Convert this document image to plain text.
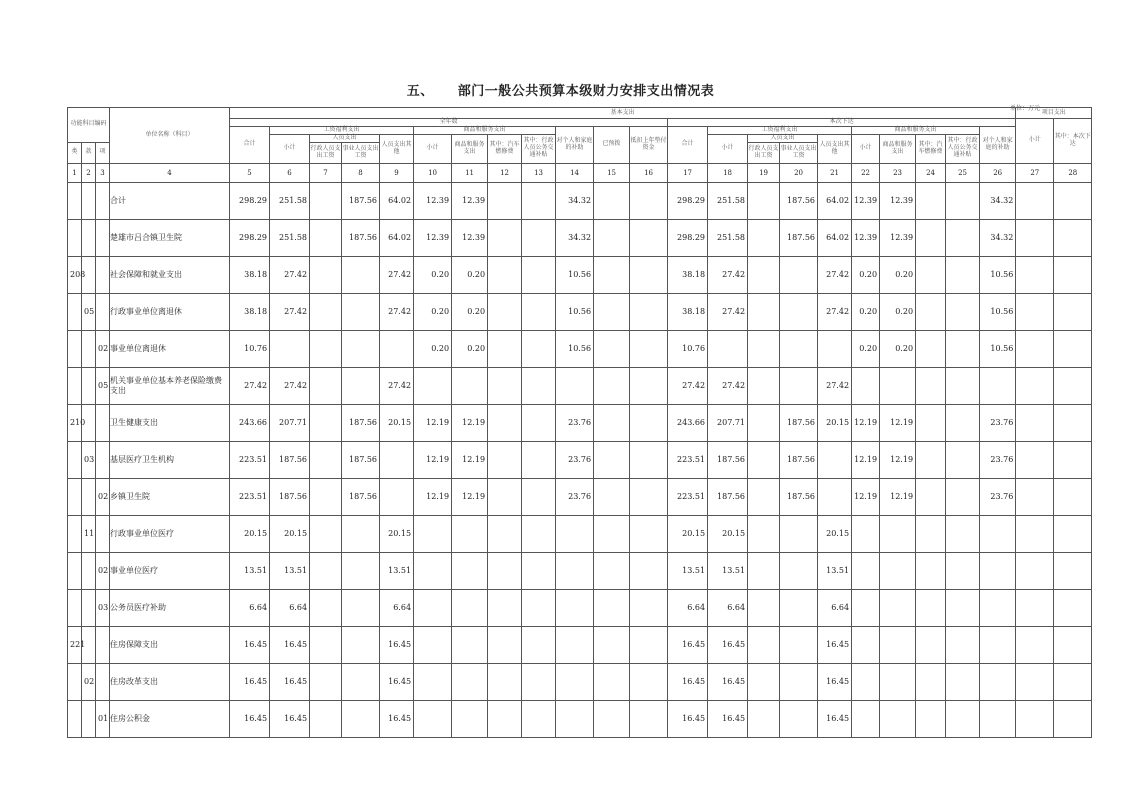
五、 部门一般公共预算本级财力安排支出情况表
单位：万元
功能科目编码			单位名称（科目）	基本支出																						项目支出	
				全年数												本次下达										小计	其中：本次下达
				合计	工资福利支出				商品和服务支出				对个人和家庭的补助	已预拨	抵扣上年垫付资金	合计	工资福利支出				商品和服务支出				对个人和家庭的补助		
					小计	人员支出		人员支出其他	小计	商品和服务支出	其中：汽车燃修费	其中：行政人员公务交通补贴					小计	人员支出		人员支出其他	小计	商品和服务支出	其中：汽车燃修费	其中：行政人员公务交通补贴			
类	款	项				行政人员支出工资	事业人员支出工资											行政人员支出工资	事业人员支出工资								
1	2	3	4	5	6	7	8	9	10	11	12	13	14	15	16	17	18	19	20	21	22	23	24	25	26	27	28
			合计	298.29	251.58		187.56	64.02	12.39	12.39			34.32			298.29	251.58		187.56	64.02	12.39	12.39			34.32		
			楚雄市吕合镇卫生院	298.29	251.58		187.56	64.02	12.39	12.39			34.32			298.29	251.58		187.56	64.02	12.39	12.39			34.32		
208			社会保障和就业支出	38.18	27.42			27.42	0.20	0.20			10.56			38.18	27.42			27.42	0.20	0.20			10.56		
	05		行政事业单位离退休	38.18	27.42			27.42	0.20	0.20			10.56			38.18	27.42			27.42	0.20	0.20			10.56		
		02	事业单位离退休	10.76					0.20	0.20			10.56			10.76					0.20	0.20			10.56		
		05	机关事业单位基本养老保险缴费支出	27.42	27.42			27.42								27.42	27.42			27.42							
210			卫生健康支出	243.66	207.71		187.56	20.15	12.19	12.19			23.76			243.66	207.71		187.56	20.15	12.19	12.19			23.76		
	03		基层医疗卫生机构	223.51	187.56		187.56		12.19	12.19			23.76			223.51	187.56		187.56		12.19	12.19			23.76		
		02	乡镇卫生院	223.51	187.56		187.56		12.19	12.19			23.76			223.51	187.56		187.56		12.19	12.19			23.76		
	11		行政事业单位医疗	20.15	20.15			20.15								20.15	20.15			20.15							
		02	事业单位医疗	13.51	13.51			13.51								13.51	13.51			13.51							
		03	公务员医疗补助	6.64	6.64			6.64								6.64	6.64			6.64							
221			住房保障支出	16.45	16.45			16.45								16.45	16.45			16.45							
	02		住房改革支出	16.45	16.45			16.45								16.45	16.45			16.45							
		01	住房公积金	16.45	16.45			16.45								16.45	16.45			16.45							
